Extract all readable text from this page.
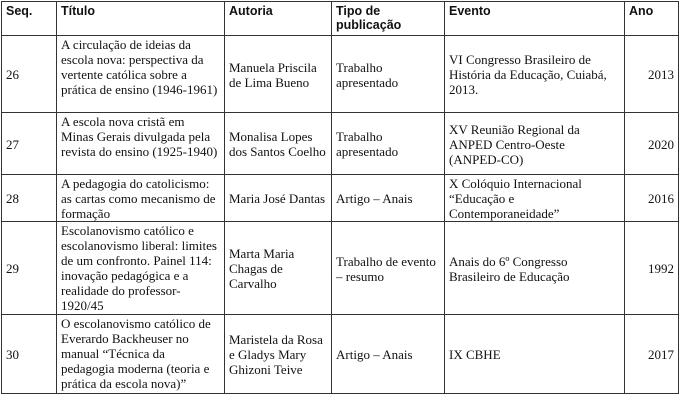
Seq.	Título	Autoria	Tipo de publicação	Evento	Ano
26	A circulação de ideias da escola nova: perspectiva da vertente católica sobre a prática de ensino (1946-1961)	Manuela Priscila de Lima Bueno	Trabalho apresentado	VI Congresso Brasileiro de História da Educação, Cuiabá, 2013.	2013
27	A escola nova cristã em Minas Gerais divulgada pela revista do ensino (1925-1940)	Monalisa Lopes dos Santos Coelho	Trabalho apresentado	XV Reunião Regional da ANPED Centro-Oeste (ANPED-CO)	2020
28	A pedagogia do catolicismo: as cartas como mecanismo de formação	Maria José Dantas	Artigo – Anais	X Colóquio Internacional “Educação e Contemporaneidade”	2016
29	Escolanovismo católico e escolanovismo liberal: limites de um confronto. Painel 114: inovação pedagógica e a realidade do professor-1920/45	Marta Maria Chagas de Carvalho	Trabalho de evento – resumo	Anais do 6º Congresso Brasileiro de Educação	1992
30	O escolanovismo católico de Everardo Backheuser no manual “Técnica da pedagogia moderna (teoria e prática da escola nova)”	Maristela da Rosa e Gladys Mary Ghizoni Teive	Artigo – Anais	IX CBHE	2017
